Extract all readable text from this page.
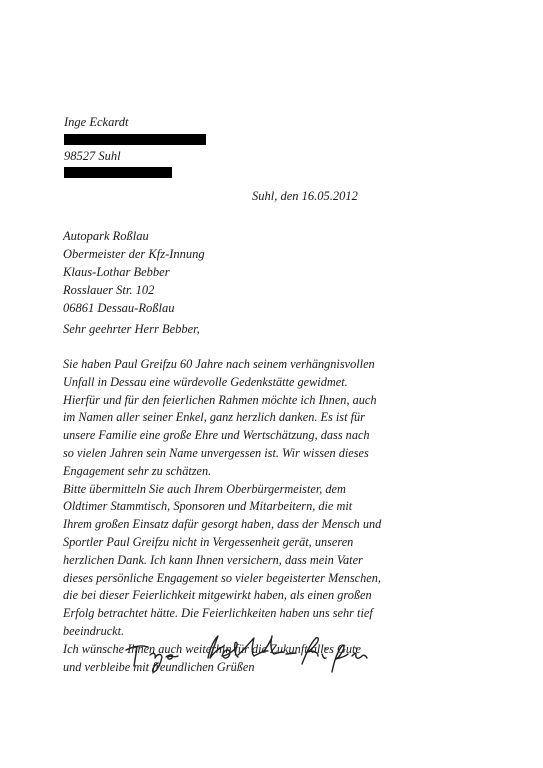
Inge Eckardt
98527 Suhl
Suhl, den 16.05.2012
Autopark Roßlau
Obermeister der Kfz-Innung
Klaus-Lothar Bebber
Rosslauer Str. 102
06861 Dessau-Roßlau
Sehr geehrter Herr Bebber,
Sie haben Paul Greifzu 60 Jahre nach seinem verhängnisvollen
Unfall in Dessau eine würdevolle Gedenkstätte gewidmet.
Hierfür und für den feierlichen Rahmen möchte ich Ihnen, auch
im Namen aller seiner Enkel, ganz herzlich danken. Es ist für
unsere Familie eine große Ehre und Wertschätzung, dass nach
so vielen Jahren sein Name unvergessen ist. Wir wissen dieses
Engagement sehr zu schätzen.
Bitte übermitteln Sie auch Ihrem Oberbürgermeister, dem
Oldtimer Stammtisch, Sponsoren und Mitarbeitern, die mit
Ihrem großen Einsatz dafür gesorgt haben, dass der Mensch und
Sportler Paul Greifzu nicht in Vergessenheit gerät, unseren
herzlichen Dank. Ich kann Ihnen versichern, dass mein Vater
dieses persönliche Engagement so vieler begeisterter Menschen,
die bei dieser Feierlichkeit mitgewirkt haben, als einen großen
Erfolg betrachtet hätte. Die Feierlichkeiten haben uns sehr tief
beeindruckt.
Ich wünsche Ihnen auch weiterhin für die Zukunft alles Gute
und verbleibe mit freundlichen Grüßen
